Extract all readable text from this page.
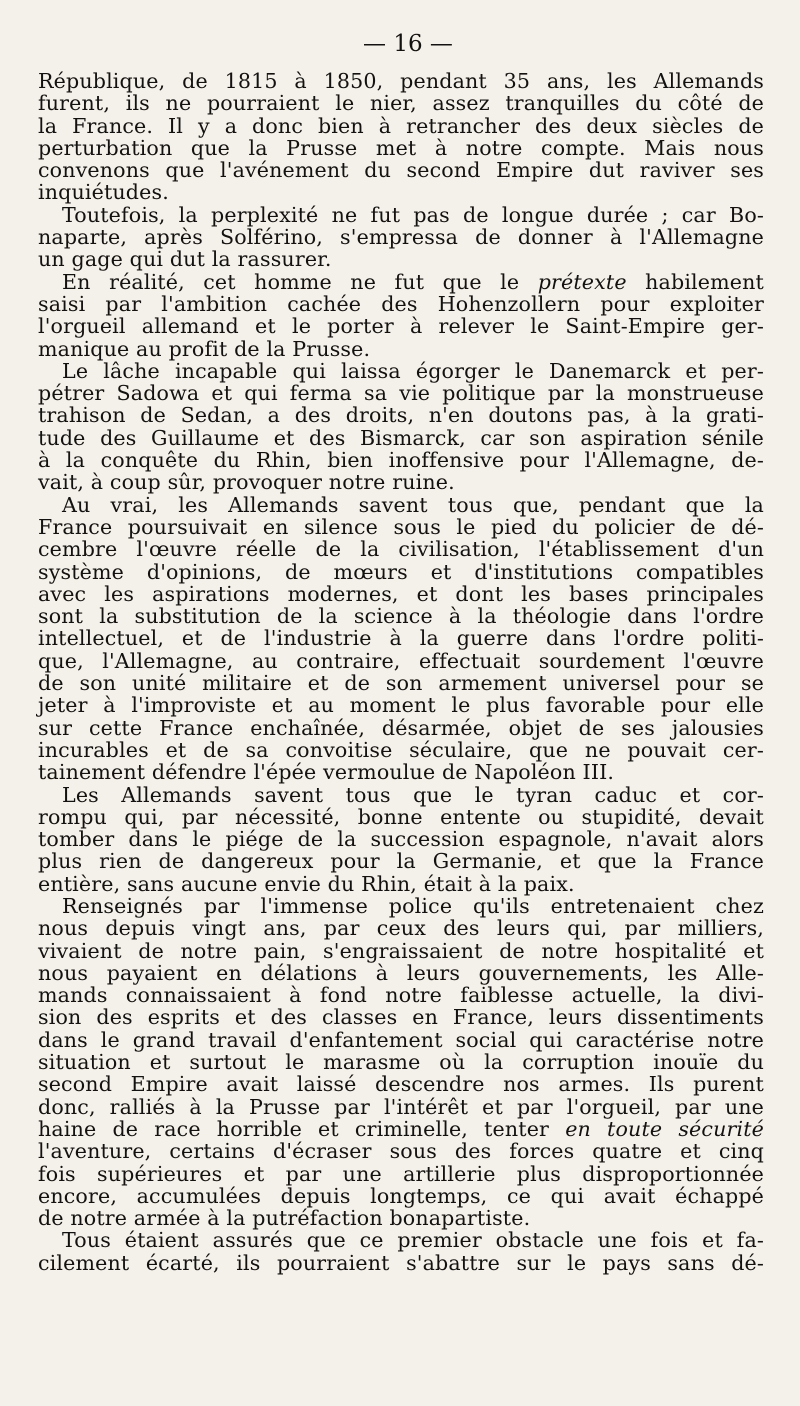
— 16 —
République, de 1815 à 1850, pendant 35 ans, les Allemands
furent, ils ne pourraient le nier, assez tranquilles du côté de
la France. Il y a donc bien à retrancher des deux siècles de
perturbation que la Prusse met à notre compte. Mais nous
convenons que l'avénement du second Empire dut raviver ses
inquiétudes.
Toutefois, la perplexité ne fut pas de longue durée ; car Bo-
naparte, après Solférino, s'empressa de donner à l'Allemagne
un gage qui dut la rassurer.
En réalité, cet homme ne fut que le prétexte habilement
saisi par l'ambition cachée des Hohenzollern pour exploiter
l'orgueil allemand et le porter à relever le Saint-Empire ger-
manique au profit de la Prusse.
Le lâche incapable qui laissa égorger le Danemarck et per-
pétrer Sadowa et qui ferma sa vie politique par la monstrueuse
trahison de Sedan, a des droits, n'en doutons pas, à la grati-
tude des Guillaume et des Bismarck, car son aspiration sénile
à la conquête du Rhin, bien inoffensive pour l'Allemagne, de-
vait, à coup sûr, provoquer notre ruine.
Au vrai, les Allemands savent tous que, pendant que la
France poursuivait en silence sous le pied du policier de dé-
cembre l'œuvre réelle de la civilisation, l'établissement d'un
système d'opinions, de mœurs et d'institutions compatibles
avec les aspirations modernes, et dont les bases principales
sont la substitution de la science à la théologie dans l'ordre
intellectuel, et de l'industrie à la guerre dans l'ordre politi-
que, l'Allemagne, au contraire, effectuait sourdement l'œuvre
de son unité militaire et de son armement universel pour se
jeter à l'improviste et au moment le plus favorable pour elle
sur cette France enchaînée, désarmée, objet de ses jalousies
incurables et de sa convoitise séculaire, que ne pouvait cer-
tainement défendre l'épée vermoulue de Napoléon III.
Les Allemands savent tous que le tyran caduc et cor-
rompu qui, par nécessité, bonne entente ou stupidité, devait
tomber dans le piége de la succession espagnole, n'avait alors
plus rien de dangereux pour la Germanie, et que la France
entière, sans aucune envie du Rhin, était à la paix.
Renseignés par l'immense police qu'ils entretenaient chez
nous depuis vingt ans, par ceux des leurs qui, par milliers,
vivaient de notre pain, s'engraissaient de notre hospitalité et
nous payaient en délations à leurs gouvernements, les Alle-
mands connaissaient à fond notre faiblesse actuelle, la divi-
sion des esprits et des classes en France, leurs dissentiments
dans le grand travail d'enfantement social qui caractérise notre
situation et surtout le marasme où la corruption inouïe du
second Empire avait laissé descendre nos armes. Ils purent
donc, ralliés à la Prusse par l'intérêt et par l'orgueil, par une
haine de race horrible et criminelle, tenter en toute sécurité
l'aventure, certains d'écraser sous des forces quatre et cinq
fois supérieures et par une artillerie plus disproportionnée
encore, accumulées depuis longtemps, ce qui avait échappé
de notre armée à la putréfaction bonapartiste.
Tous étaient assurés que ce premier obstacle une fois et fa-
cilement écarté, ils pourraient s'abattre sur le pays sans dé-
